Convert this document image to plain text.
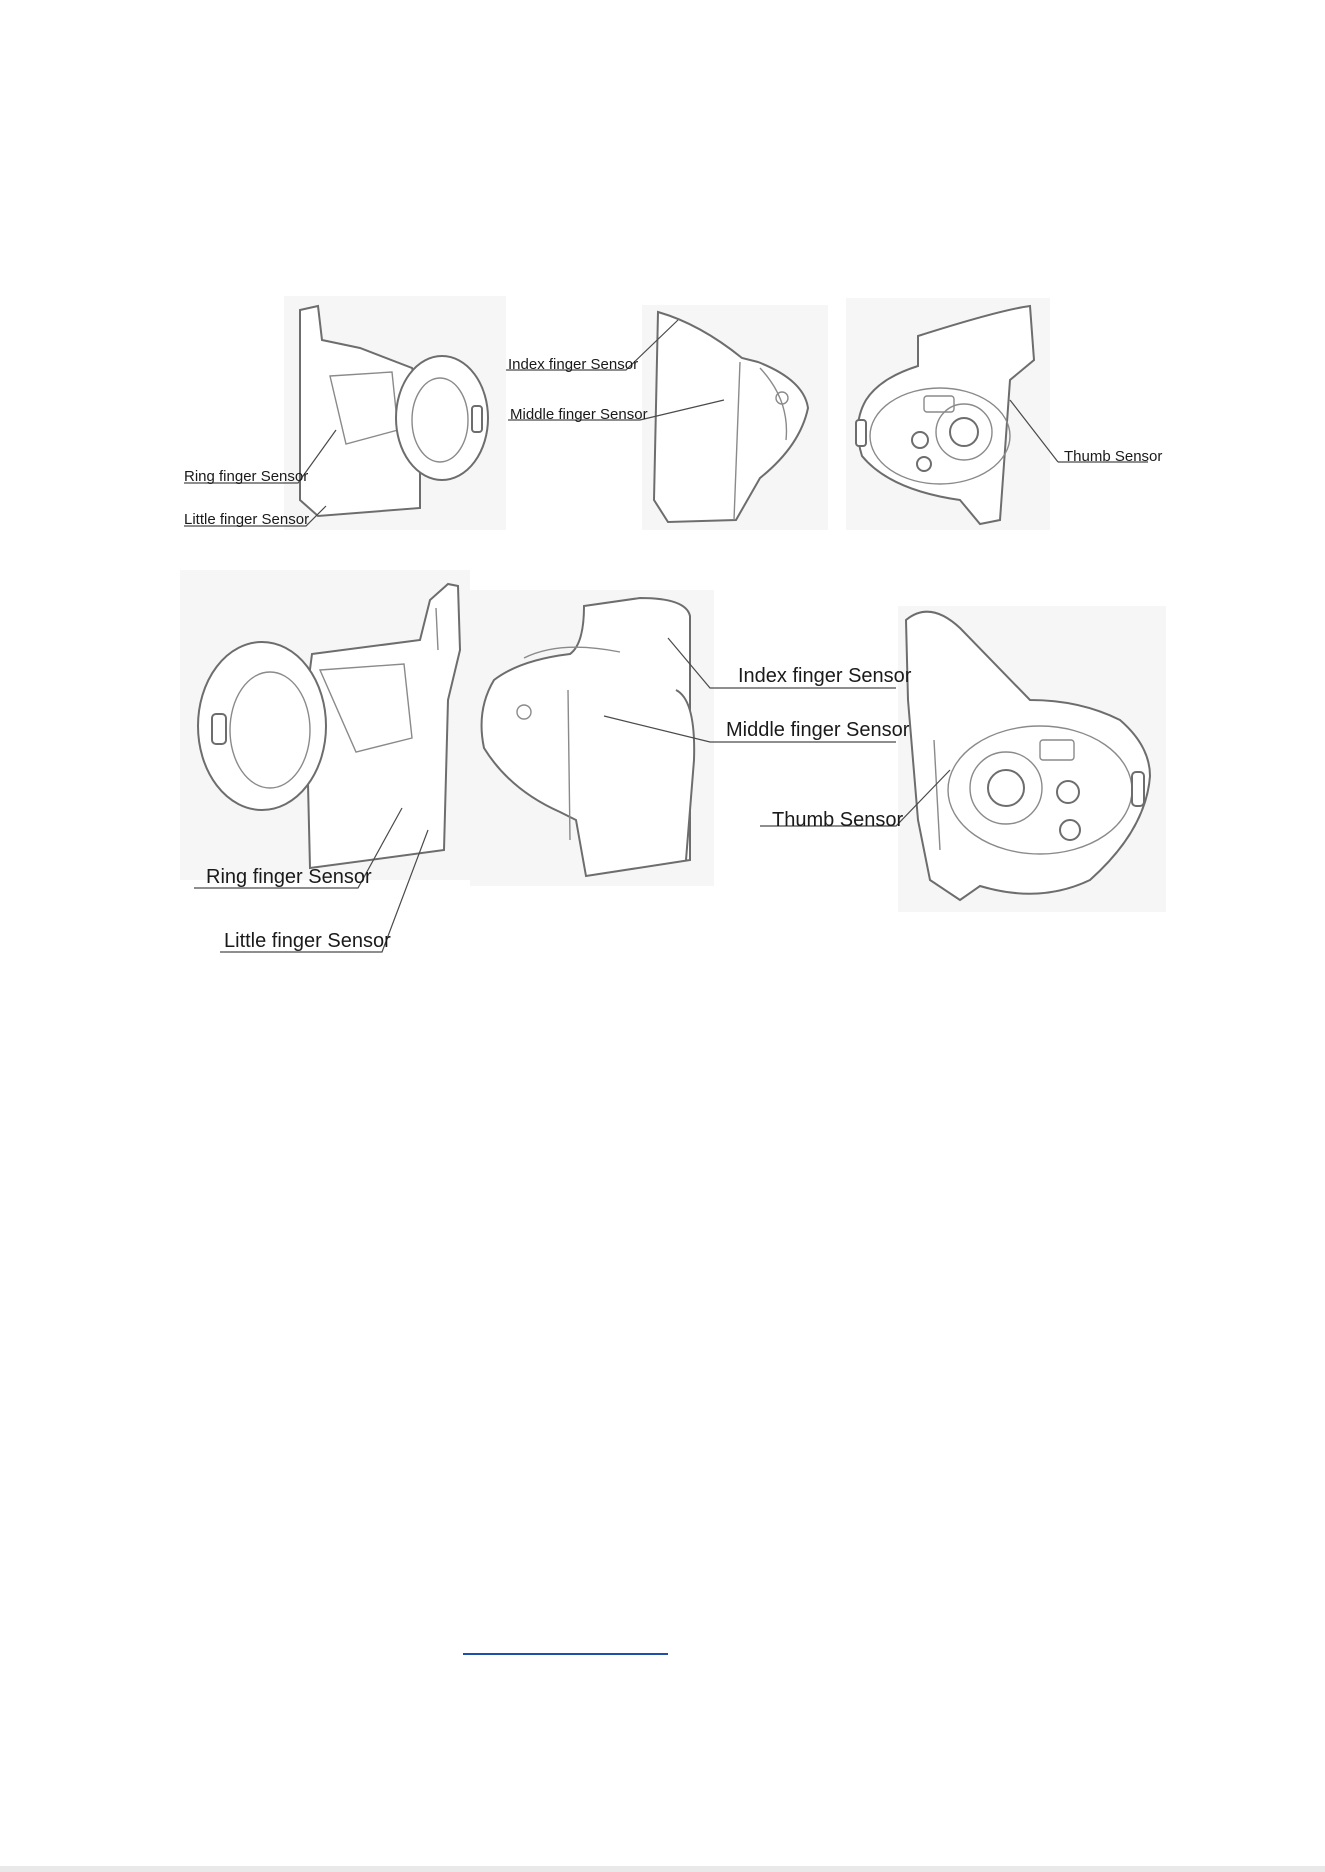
Ring finger Sensor
Little finger Sensor
Index finger Sensor
Middle finger Sensor
Thumb Sensor
Ring finger Sensor
Little finger Sensor
Index finger Sensor
Middle finger Sensor
Thumb Sensor
